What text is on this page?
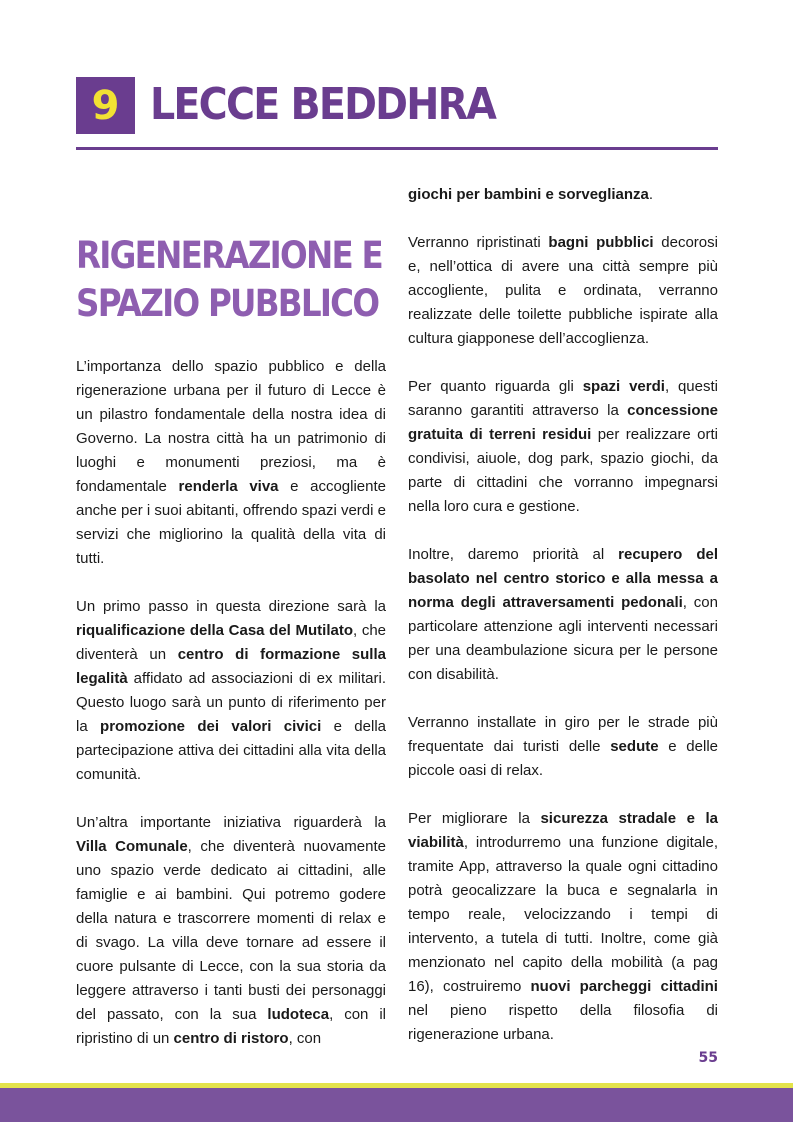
9 LECCE BEDDHRA
RIGENERAZIONE E
SPAZIO PUBBLICO

L’importanza dello spazio pubblico e della rigenerazione urbana per il futuro di Lecce è un pilastro fondamentale della nostra idea di Governo. La nostra città ha un patrimonio di luoghi e monumenti preziosi, ma è fondamentale renderla viva e accogliente anche per i suoi abitanti, offrendo spazi verdi e servizi che migliorino la qualità della vita di tutti.

Un primo passo in questa direzione sarà la riqualificazione della Casa del Mutilato, che diventerà un centro di formazione sulla legalità affidato ad associazioni di ex militari. Questo luogo sarà un punto di riferimento per la promozione dei valori civici e della partecipazione attiva dei cittadini alla vita della comunità.

Un’altra importante iniziativa riguarderà la Villa Comunale, che diventerà nuovamente uno spazio verde dedicato ai cittadini, alle famiglie e ai bambini. Qui potremo godere della natura e trascorrere momenti di relax e di svago. La villa deve tornare ad essere il cuore pulsante di Lecce, con la sua storia da leggere attraverso i tanti busti dei personaggi del passato, con la sua ludoteca, con il ripristino di un centro di ristoro, con

giochi per bambini e sorveglianza.

Verranno ripristinati bagni pubblici decorosi e, nell’ottica di avere una città sempre più accogliente, pulita e ordinata, verranno realizzate delle toilette pubbliche ispirate alla cultura giapponese dell’accoglienza.

Per quanto riguarda gli spazi verdi, questi saranno garantiti attraverso la concessione gratuita di terreni residui per realizzare orti condivisi, aiuole, dog park, spazio giochi, da parte di cittadini che vorranno impegnarsi nella loro cura e gestione.

Inoltre, daremo priorità al recupero del basolato nel centro storico e alla messa a norma degli attraversamenti pedonali, con particolare attenzione agli interventi necessari per una deambulazione sicura per le persone con disabilità.

Verranno installate in giro per le strade più frequentate dai turisti delle sedute e delle piccole oasi di relax.

Per migliorare la sicurezza stradale e la viabilità, introdurremo una funzione digitale, tramite App, attraverso la quale ogni cittadino potrà geocalizzare la buca e segnalarla in tempo reale, velocizzando i tempi di intervento, a tutela di tutti. Inoltre, come già menzionato nel capito della mobilità (a pag 16), costruiremo nuovi parcheggi cittadini nel pieno rispetto della filosofia di rigenerazione urbana.

55
